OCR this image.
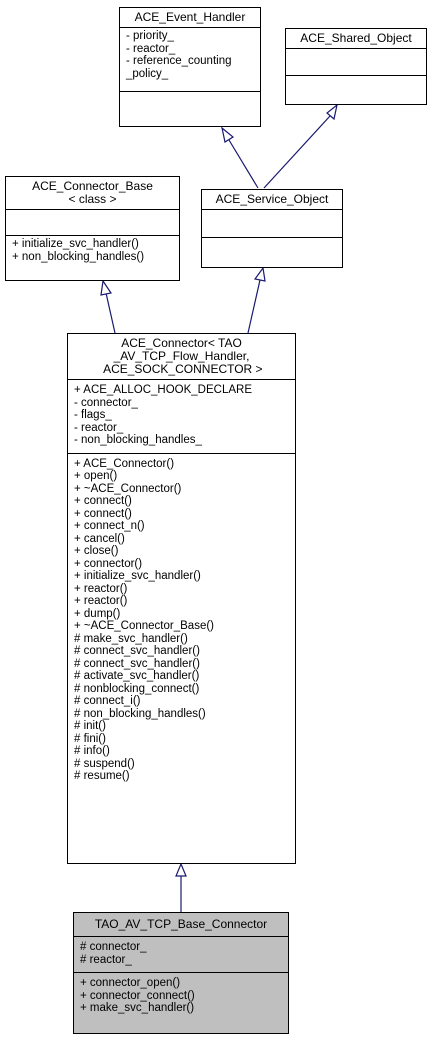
ACE_Event_Handler
- priority_
- reactor_
- reference_counting
_policy_
ACE_Shared_Object
ACE_Connector_Base
< class >
+ initialize_svc_handler()
+ non_blocking_handles()
ACE_Service_Object
ACE_Connector< TAO
_AV_TCP_Flow_Handler,
ACE_SOCK_CONNECTOR >
+ ACE_ALLOC_HOOK_DECLARE
- connector_
- flags_
- reactor_
- non_blocking_handles_
+ ACE_Connector()
+ open()
+ ~ACE_Connector()
+ connect()
+ connect()
+ connect_n()
+ cancel()
+ close()
+ connector()
+ initialize_svc_handler()
+ reactor()
+ reactor()
+ dump()
+ ~ACE_Connector_Base()
# make_svc_handler()
# connect_svc_handler()
# connect_svc_handler()
# activate_svc_handler()
# nonblocking_connect()
# connect_i()
# non_blocking_handles()
# init()
# fini()
# info()
# suspend()
# resume()
TAO_AV_TCP_Base_Connector
# connector_
# reactor_
+ connector_open()
+ connector_connect()
+ make_svc_handler()
